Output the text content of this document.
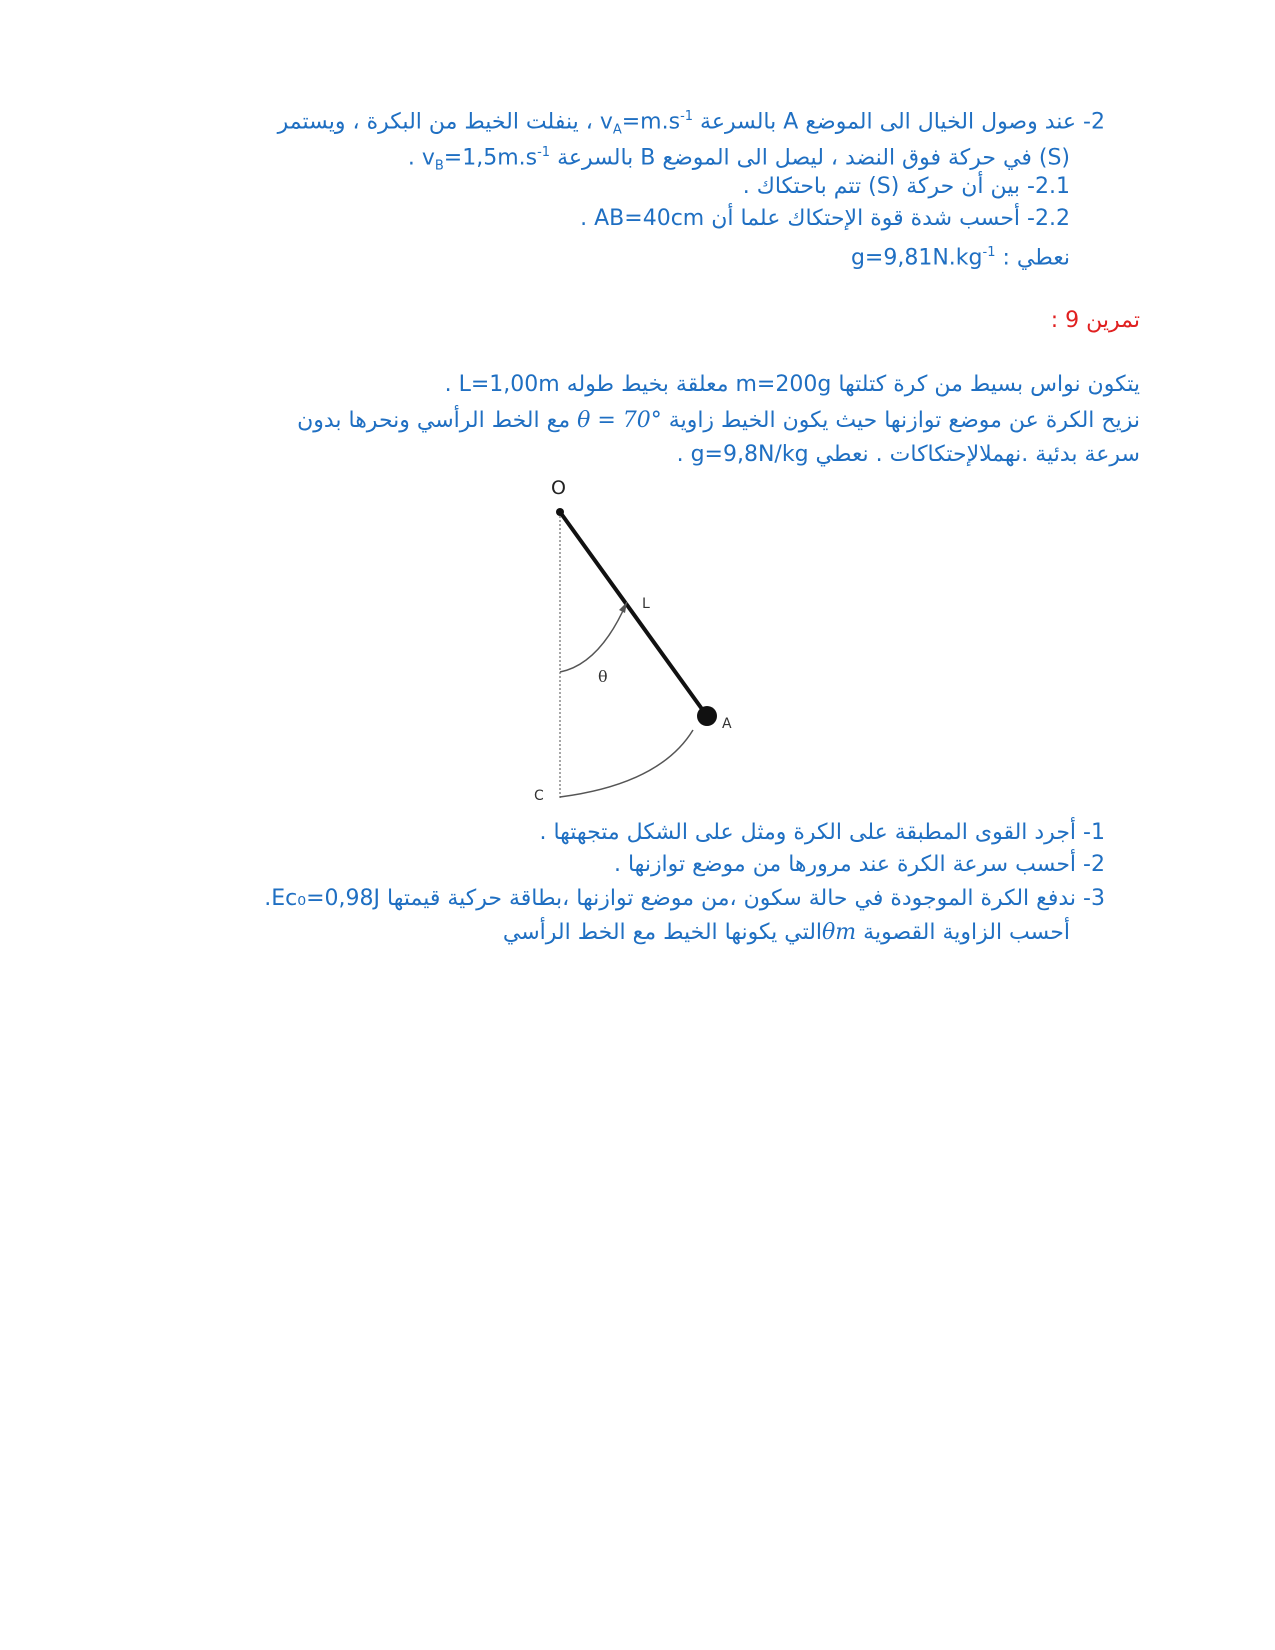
2- عند وصول الخيال الى الموضع A بالسرعة $v_A=m.s^{-1}$ ، ينفلت الخيط من البكرة ، ويستمر
(S) في حركة فوق النضد ، ليصل الى الموضع B بالسرعة $v_B=1,5m.s^{-1}$ .
2.1- بين أن حركة (S) تتم باحتكاك .
2.2- أحسب شدة قوة الإحتكاك علما أن AB=40cm .
نعطي : $g=9,81N.kg^{-1}$
تمرين 9 :
يتكون نواس بسيط من كرة كتلتها m=200g معلقة بخيط طوله L=1,00m .
نزيح الكرة عن موضع توازنها حيث يكون الخيط زاوية θ = 70° مع الخط الرأسي ونحرها بدون
سرعة بدئية .نهملالإحتكاكات . نعطي g=9,8N/kg .
O
L
θ
A
C
1- أجرد القوى المطبقة على الكرة ومثل على الشكل متجهتها .
2- أحسب سرعة الكرة عند مرورها من موضع توازنها .
3- ندفع الكرة الموجودة في حالة سكون ،من موضع توازنها ،بطاقة حركية قيمتها Ec₀=0,98J.
أحسب الزاوية القصوية θmالتي يكونها الخيط مع الخط الرأسي
